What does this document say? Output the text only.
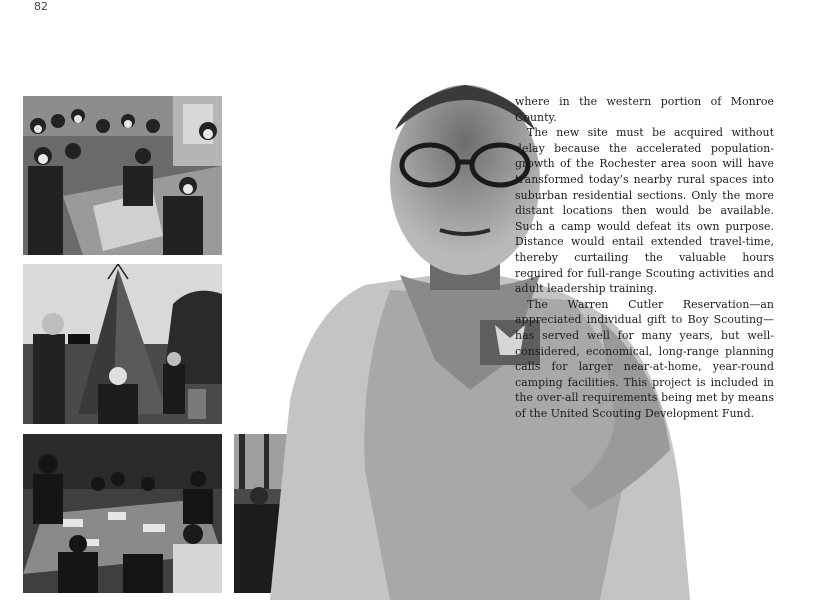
82

where in the western portion of Monroe County.

The new site must be acquired without delay because the accelerated population-growth of the Rochester area soon will have transformed today’s nearby rural spaces into suburban residential sections. Only the more distant locations then would be available. Such a camp would defeat its own purpose. Distance would entail extended travel-time, thereby curtailing the valuable hours required for full-range Scouting activities and adult leadership training.

The Warren Cutler Reservation—an appreciated individual gift to Boy Scouting—has served well for many years, but well-considered, economical, long-range planning calls for larger near-at-home, year-round camping facilities. This project is included in the over-all requirements being met by means of the United Scouting Development Fund.
